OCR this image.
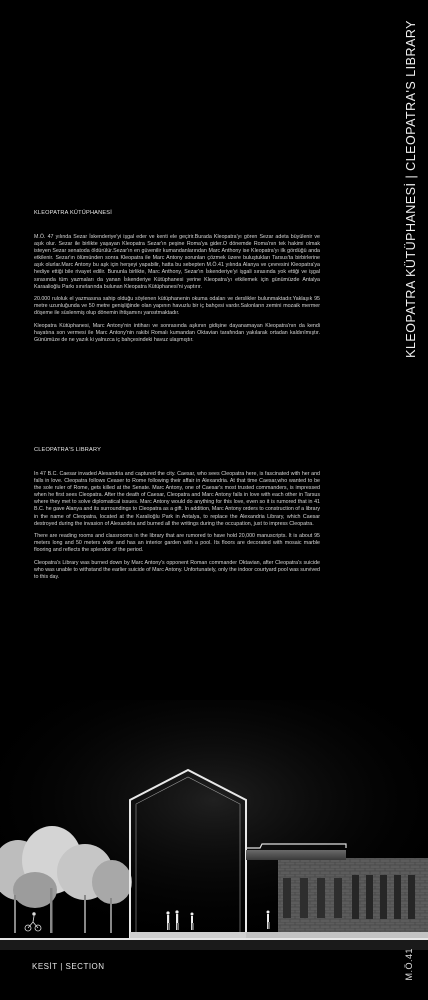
KLEOPATRA KÜTÜPHANESİ | CLEOPATRA'S LIBRARY
KLEOPATRA KÜTÜPHANESİ

M.Ö. 47 yılında Sezar İskenderiye'yi işgal eder ve kenti ele geçirir.Burada Kleopatra'yı gören Sezar adeta büyülenir ve aşık olur. Sezar ile birlikte yaşayan Kleopatra Sezar'ın peşine Roma'ya gider.O dönemde Roma'nın tek hakimi olmak isteyen Sezar senatoda öldürülür.Sezar'ın en güvenilir kumandanlarından Marc Anthony ise Kleopatra'yı ilk gördüğü anda etkilenir. Sezar'ın ölümünden sonra Kleopatra ile Marc Antony sorunları çözmek üzere buluştukları Tarsus'ta birbirlerine aşık olurlar.Marc Antony bu aşk için herşeyi yapabilir, hatta bu sebepten M.Ö.41 yılında Alanya ve çevresini Kleopatra'ya hediye ettiği bile rivayet edilir. Bununla birlikte, Marc Anthony, Sezar'ın İskenderiye'yi işgali sırasında yok ettiği ve işgal sırasında tüm yazmaları da yanan İskenderiye Kütüphanesi yerine Kleopatra'yı etkilemek için günümüzde Antalya Karaalioğlu Parkı sınırlarında bulunan Kleopatra Kütüphanesi'ni yaptırır.

20.000 ruloluk el yazmasına sahip olduğu söylenen kütüphanenin okuma odaları ve derslikler bulunmaktadır.Yaklaşık 95 metre uzunluğunda ve 50 metre genişliğinde olan yapının havuzlu bir iç bahçesi vardır.Salonların zemini mozaik mermer döşeme ile süslenmiş olup dönemin ihtişamını yansıtmaktadır.

Kleopatra Kütüphanesi, Marc Antony'nin intiharı ve sonrasında aşkının gidişine dayanamayan Kleopatra'nın da kendi hayatına son vermesi ile Marc Antony'nin rakibi Romalı kumandan Oktavian tarafından yakılarak ortadan kaldırılmıştır. Günümüze de ne yazık ki yalnızca iç bahçesindeki havuz ulaşmıştır.

CLEOPATRA'S LIBRARY

In 47 B.C. Caesar invaded Alexandria and captured the city. Caesar, who sees Cleopatra here, is fascinated with her and falls in love. Cleopatra follows Ceaser to Rome following their affair in Alexandria. At that time Caesar,who wanted to be the sole ruler of Rome, gets killed at the Senate. Marc Antony, one of Caesar's most trusted commanders, is impressed when he first sees Cleopatra. After the death of Caesar, Cleopatra and Marc Antony falls in love with each other in Tarsus where they met to solve diplomatical issues. Marc Antony would do anything for this love, even so it is rumored that in 41 B.C. he gave Alanya and its surroundings to Cleopatra as a gift. In addition, Marc Antony orders to construction of a library in the name of Cleopatra, located at the Karalioğlu Park in Antalya, to replace the Alexandria Library, which Caesar destroyed during the invasion of Alexandria and burned all the writings during the occupation, just to impress Cleopatra.

There are reading rooms and classrooms in the library that are rumored to have hold 20,000 manuscripts. It is about 95 meters long and 50 meters wide and has an interior garden with a pool. Its floors are decorated with mosaic marble flooring and reflects the splendor of the period.

Cleopatra's Library was burned down by Marc Antony's opponent Roman commander Oktavian, after Cleopatra's suicide who was unable to withstand the earlier suicide of Marc Antony. Unfortunately, only the indoor courtyard pool was survived to this day.

KESİT | SECTION	M.Ö.41
